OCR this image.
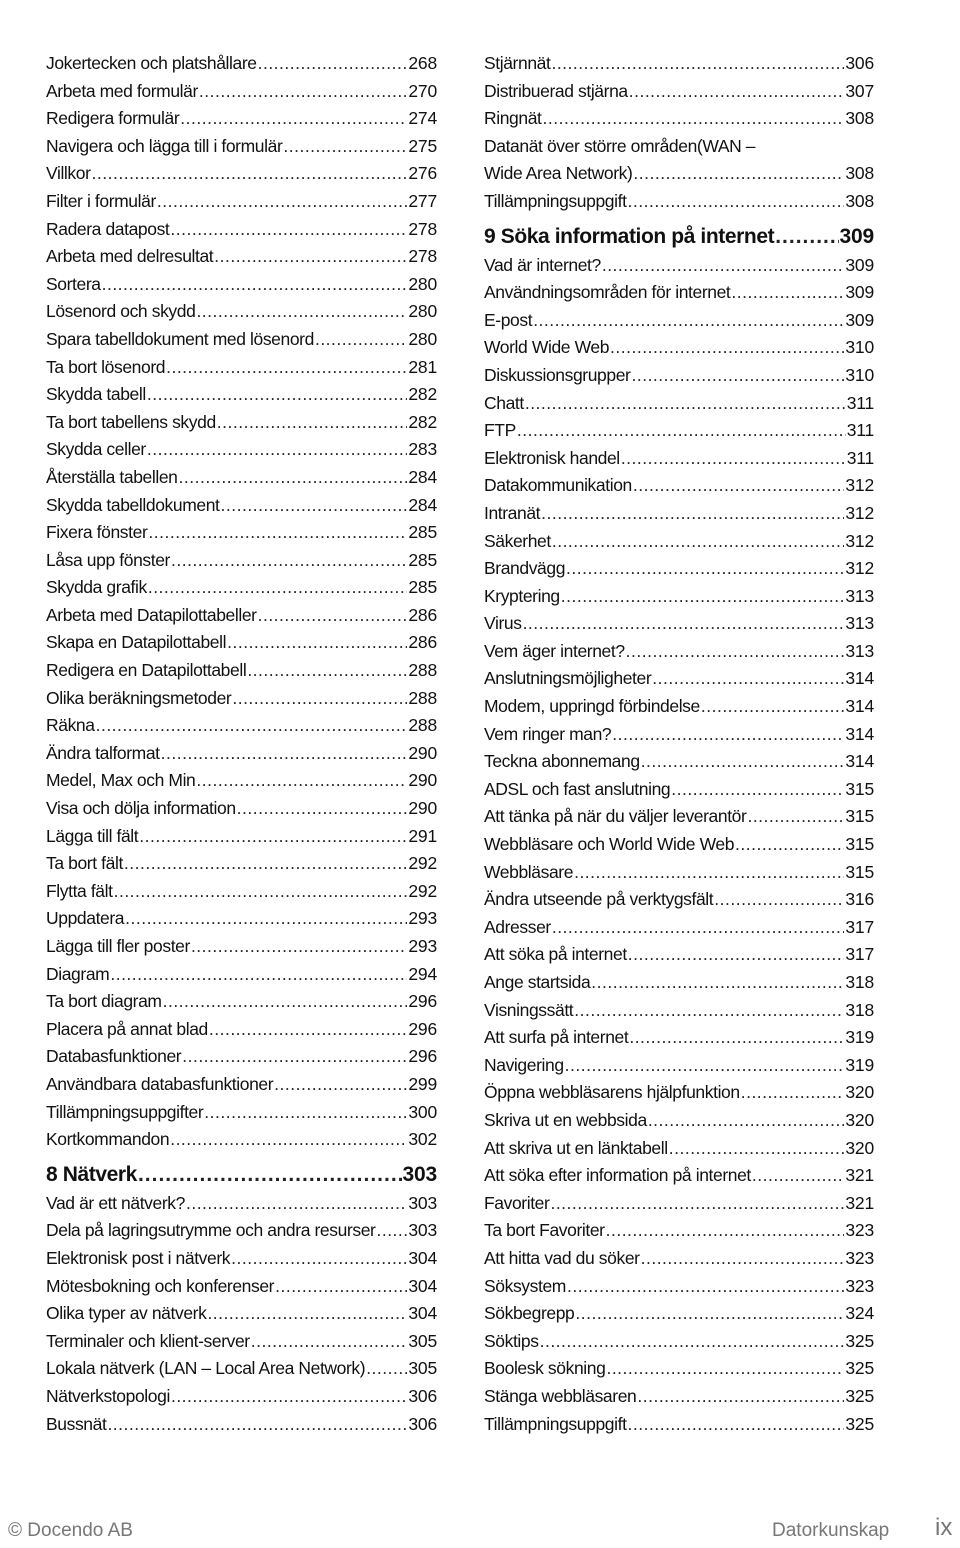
Jokertecken och platshållare .....	268
Arbeta med formulär .....	270
Redigera formulär .....	274
Navigera och lägga till i formulär .....	275
Villkor .....	276
Filter i formulär .....	277
Radera datapost .....	278
Arbeta med delresultat .....	278
Sortera .....	280
Lösenord och skydd .....	280
Spara tabelldokument med lösenord .....	280
Ta bort lösenord .....	281
Skydda tabell .....	282
Ta bort tabellens skydd .....	282
Skydda celler .....	283
Återställa tabellen .....	284
Skydda tabelldokument .....	284
Fixera fönster .....	285
Låsa upp fönster .....	285
Skydda grafik .....	285
Arbeta med Datapilottabeller .....	286
Skapa en Datapilottabell .....	286
Redigera en Datapilottabell .....	288
Olika beräkningsmetoder .....	288
Räkna .....	288
Ändra talformat .....	290
Medel, Max och Min .....	290
Visa och dölja information .....	290
Lägga till fält .....	291
Ta bort fält .....	292
Flytta fält .....	292
Uppdatera .....	293
Lägga till fler poster .....	293
Diagram .....	294
Ta bort diagram .....	296
Placera på annat blad .....	296
Databasfunktioner .....	296
Användbara databasfunktioner .....	299
Tillämpningsuppgifter .....	300
Kortkommandon .....	302
8 Nätverk .....	303
Vad är ett nätverk? .....	303
Dela på lagringsutrymme och andra resurser ..... 303
Elektronisk post i nätverk .....	304
Mötesbokning och konferenser .....	304
Olika typer av nätverk .....	304
Terminaler och klient-server .....	305
Lokala nätverk (LAN – Local Area Network) ..... 305
Nätverkstopologi .....	306
Bussnät .....	306
Stjärnnät .....	306
Distribuerad stjärna .....	307
Ringnät .....	308
Datanät över större områden(WAN –
Wide Area Network) .....	308
Tillämpningsuppgift .....	308
9 Söka information på internet .....	309
Vad är internet? .....	309
Användningsområden för internet .....	309
E-post .....	309
World Wide Web .....	310
Diskussionsgrupper .....	310
Chatt .....	311
FTP .....	311
Elektronisk handel .....	311
Datakommunikation .....	312
Intranät .....	312
Säkerhet .....	312
Brandvägg .....	312
Kryptering .....	313
Virus .....	313
Vem äger internet? .....	313
Anslutningsmöjligheter .....	314
Modem, uppringd förbindelse .....	314
Vem ringer man? .....	314
Teckna abonnemang .....	314
ADSL och fast anslutning .....	315
Att tänka på när du väljer leverantör .....	315
Webbläsare och World Wide Web .....	315
Webbläsare .....	315
Ändra utseende på verktygsfält .....	316
Adresser .....	317
Att söka på internet .....	317
Ange startsida .....	318
Visningssätt .....	318
Att surfa på internet .....	319
Navigering .....	319
Öppna webbläsarens hjälpfunktion .....	320
Skriva ut en webbsida .....	320
Att skriva ut en länktabell .....	320
Att söka efter information på internet .....	321
Favoriter .....	321
Ta bort Favoriter .....	323
Att hitta vad du söker .....	323
Söksystem .....	323
Sökbegrepp .....	324
Söktips .....	325
Boolesk sökning .....	325
Stänga webbläsaren .....	325
Tillämpningsuppgift .....	325
© Docendo AB	Datorkunskap ix
